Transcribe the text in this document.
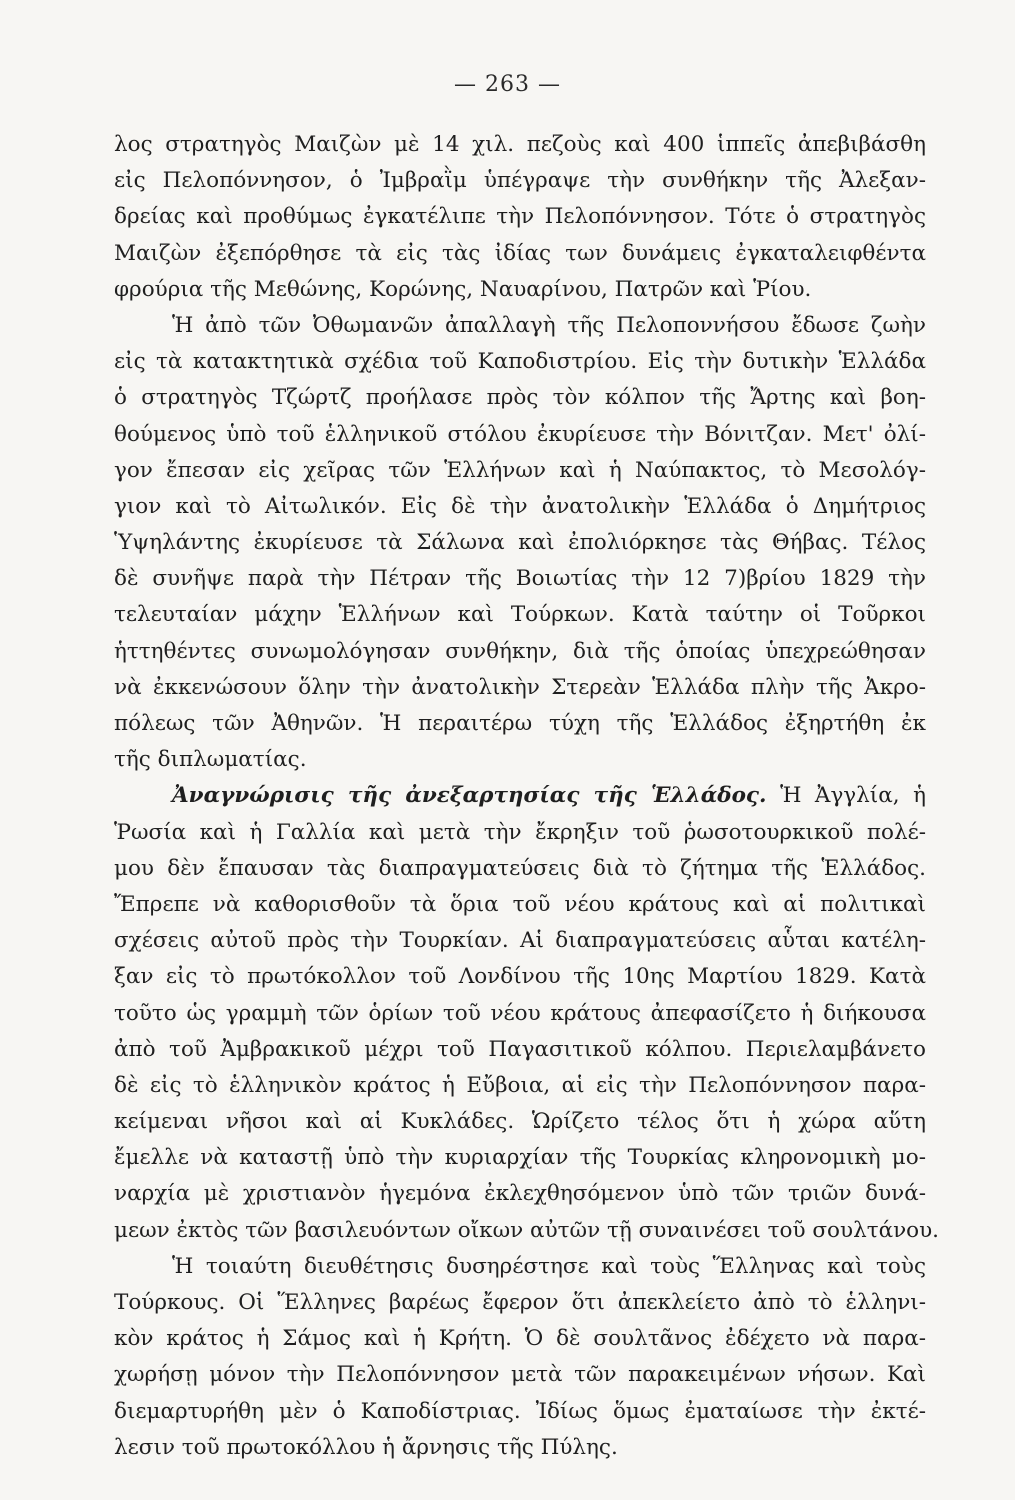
— 263 —
λος στρατηγὸς Μαιζὼν μὲ 14 χιλ. πεζοὺς καὶ 400 ἱππεῖς ἀπεβιβάσθη
εἰς Πελοπόννησον, ὁ Ἰμβραῒμ ὑπέγραψε τὴν συνθήκην τῆς Ἀλεξαν-
δρείας καὶ προθύμως ἐγκατέλιπε τὴν Πελοπόννησον. Τότε ὁ στρατηγὸς
Μαιζὼν ἐξεπόρθησε τὰ εἰς τὰς ἰδίας των δυνάμεις ἐγκαταλειφθέντα
φρούρια τῆς Μεθώνης, Κορώνης, Ναυαρίνου, Πατρῶν καὶ Ῥίου.
Ἡ ἀπὸ τῶν Ὀθωμανῶν ἀπαλλαγὴ τῆς Πελοποννήσου ἔδωσε ζωὴν
εἰς τὰ κατακτητικὰ σχέδια τοῦ Καποδιστρίου. Εἰς τὴν δυτικὴν Ἑλλάδα
ὁ στρατηγὸς Τζώρτζ προήλασε πρὸς τὸν κόλπον τῆς Ἄρτης καὶ βοη-
θούμενος ὑπὸ τοῦ ἑλληνικοῦ στόλου ἐκυρίευσε τὴν Βόνιτζαν. Μετ' ὀλί-
γον ἔπεσαν εἰς χεῖρας τῶν Ἑλλήνων καὶ ἡ Ναύπακτος, τὸ Μεσολόγ-
γιον καὶ τὸ Αἰτωλικόν. Εἰς δὲ τὴν ἀνατολικὴν Ἑλλάδα ὁ Δημήτριος
Ὑψηλάντης ἐκυρίευσε τὰ Σάλωνα καὶ ἐπολιόρκησε τὰς Θήβας. Τέλος
δὲ συνῆψε παρὰ τὴν Πέτραν τῆς Βοιωτίας τὴν 12 7)βρίου 1829 τὴν
τελευταίαν μάχην Ἑλλήνων καὶ Τούρκων. Κατὰ ταύτην οἱ Τοῦρκοι
ἡττηθέντες συνωμολόγησαν συνθήκην, διὰ τῆς ὁποίας ὑπεχρεώθησαν
νὰ ἐκκενώσουν ὅλην τὴν ἀνατολικὴν Στερεὰν Ἑλλάδα πλὴν τῆς Ἀκρο-
πόλεως τῶν Ἀθηνῶν. Ἡ περαιτέρω τύχη τῆς Ἑλλάδος ἐξηρτήθη ἐκ
τῆς διπλωματίας.
Ἀναγνώρισις τῆς ἀνεξαρτησίας τῆς Ἑλλάδος. Ἡ Ἀγγλία, ἡ
Ῥωσία καὶ ἡ Γαλλία καὶ μετὰ τὴν ἔκρηξιν τοῦ ῥωσοτουρκικοῦ πολέ-
μου δὲν ἔπαυσαν τὰς διαπραγματεύσεις διὰ τὸ ζήτημα τῆς Ἑλλάδος.
Ἔπρεπε νὰ καθορισθοῦν τὰ ὅρια τοῦ νέου κράτους καὶ αἱ πολιτικαὶ
σχέσεις αὐτοῦ πρὸς τὴν Τουρκίαν. Αἱ διαπραγματεύσεις αὗται κατέλη-
ξαν εἰς τὸ πρωτόκολλον τοῦ Λονδίνου τῆς 10ης Μαρτίου 1829. Κατὰ
τοῦτο ὡς γραμμὴ τῶν ὁρίων τοῦ νέου κράτους ἀπεφασίζετο ἡ διήκουσα
ἀπὸ τοῦ Ἀμβρακικοῦ μέχρι τοῦ Παγασιτικοῦ κόλπου. Περιελαμβάνετο
δὲ εἰς τὸ ἑλληνικὸν κράτος ἡ Εὔβοια, αἱ εἰς τὴν Πελοπόννησον παρα-
κείμεναι νῆσοι καὶ αἱ Κυκλάδες. Ὡρίζετο τέλος ὅτι ἡ χώρα αὕτη
ἔμελλε νὰ καταστῇ ὑπὸ τὴν κυριαρχίαν τῆς Τουρκίας κληρονομικὴ μο-
ναρχία μὲ χριστιανὸν ἡγεμόνα ἐκλεχθησόμενον ὑπὸ τῶν τριῶν δυνά-
μεων ἐκτὸς τῶν βασιλευόντων οἴκων αὐτῶν τῇ συναινέσει τοῦ σουλτάνου.
Ἡ τοιαύτη διευθέτησις δυσηρέστησε καὶ τοὺς Ἕλληνας καὶ τοὺς
Τούρκους. Οἱ Ἕλληνες βαρέως ἔφερον ὅτι ἀπεκλείετο ἀπὸ τὸ ἑλληνι-
κὸν κράτος ἡ Σάμος καὶ ἡ Κρήτη. Ὁ δὲ σουλτᾶνος ἐδέχετο νὰ παρα-
χωρήσῃ μόνον τὴν Πελοπόννησον μετὰ τῶν παρακειμένων νήσων. Καὶ
διεμαρτυρήθη μὲν ὁ Καποδίστριας. Ἰδίως ὅμως ἐματαίωσε τὴν ἐκτέ-
λεσιν τοῦ πρωτοκόλλου ἡ ἄρνησις τῆς Πύλης.
